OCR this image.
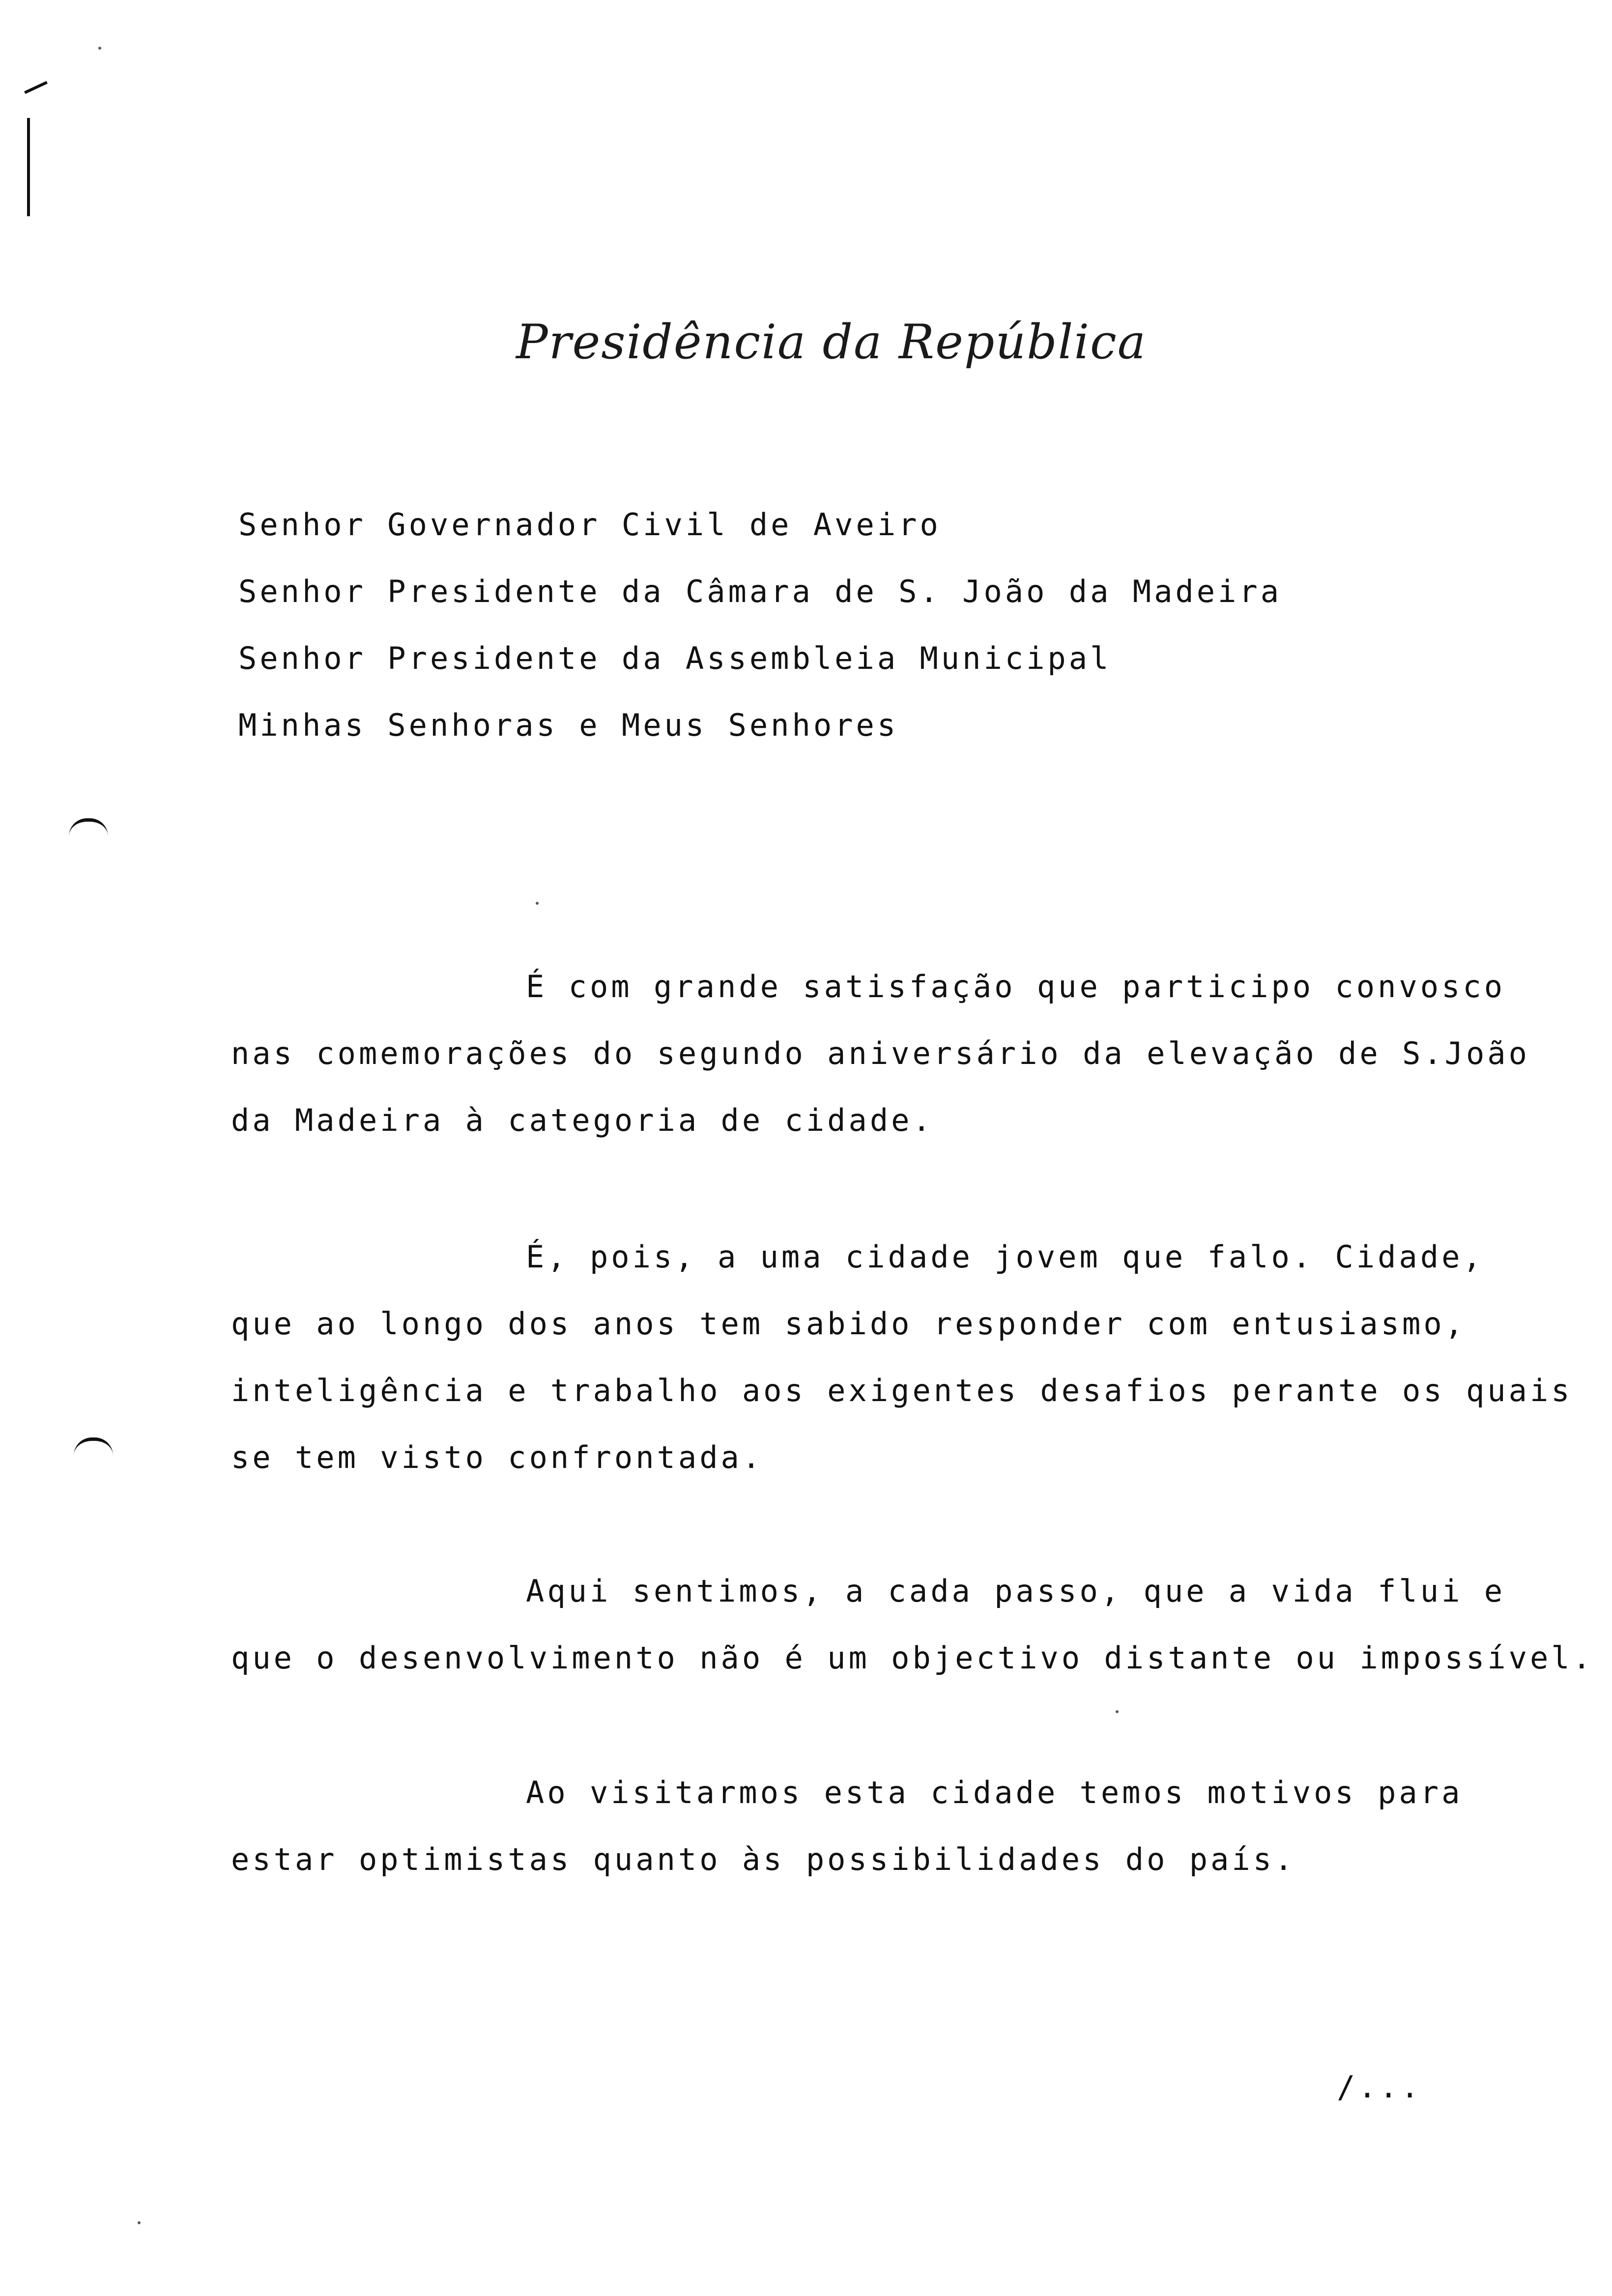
Presidência da República
Senhor Governador Civil de Aveiro
Senhor Presidente da Câmara de S. João da Madeira
Senhor Presidente da Assembleia Municipal
Minhas Senhoras e Meus Senhores
É com grande satisfação que participo convosco
nas comemorações do segundo aniversário da elevação de S.João
da Madeira à categoria de cidade.
É, pois, a uma cidade jovem que falo. Cidade,
que ao longo dos anos tem sabido responder com entusiasmo,
inteligência e trabalho aos exigentes desafios perante os quais
se tem visto confrontada.
Aqui sentimos, a cada passo, que a vida flui e
que o desenvolvimento não é um objectivo distante ou impossível.
Ao visitarmos esta cidade temos motivos para
estar optimistas quanto às possibilidades do país.
/...
